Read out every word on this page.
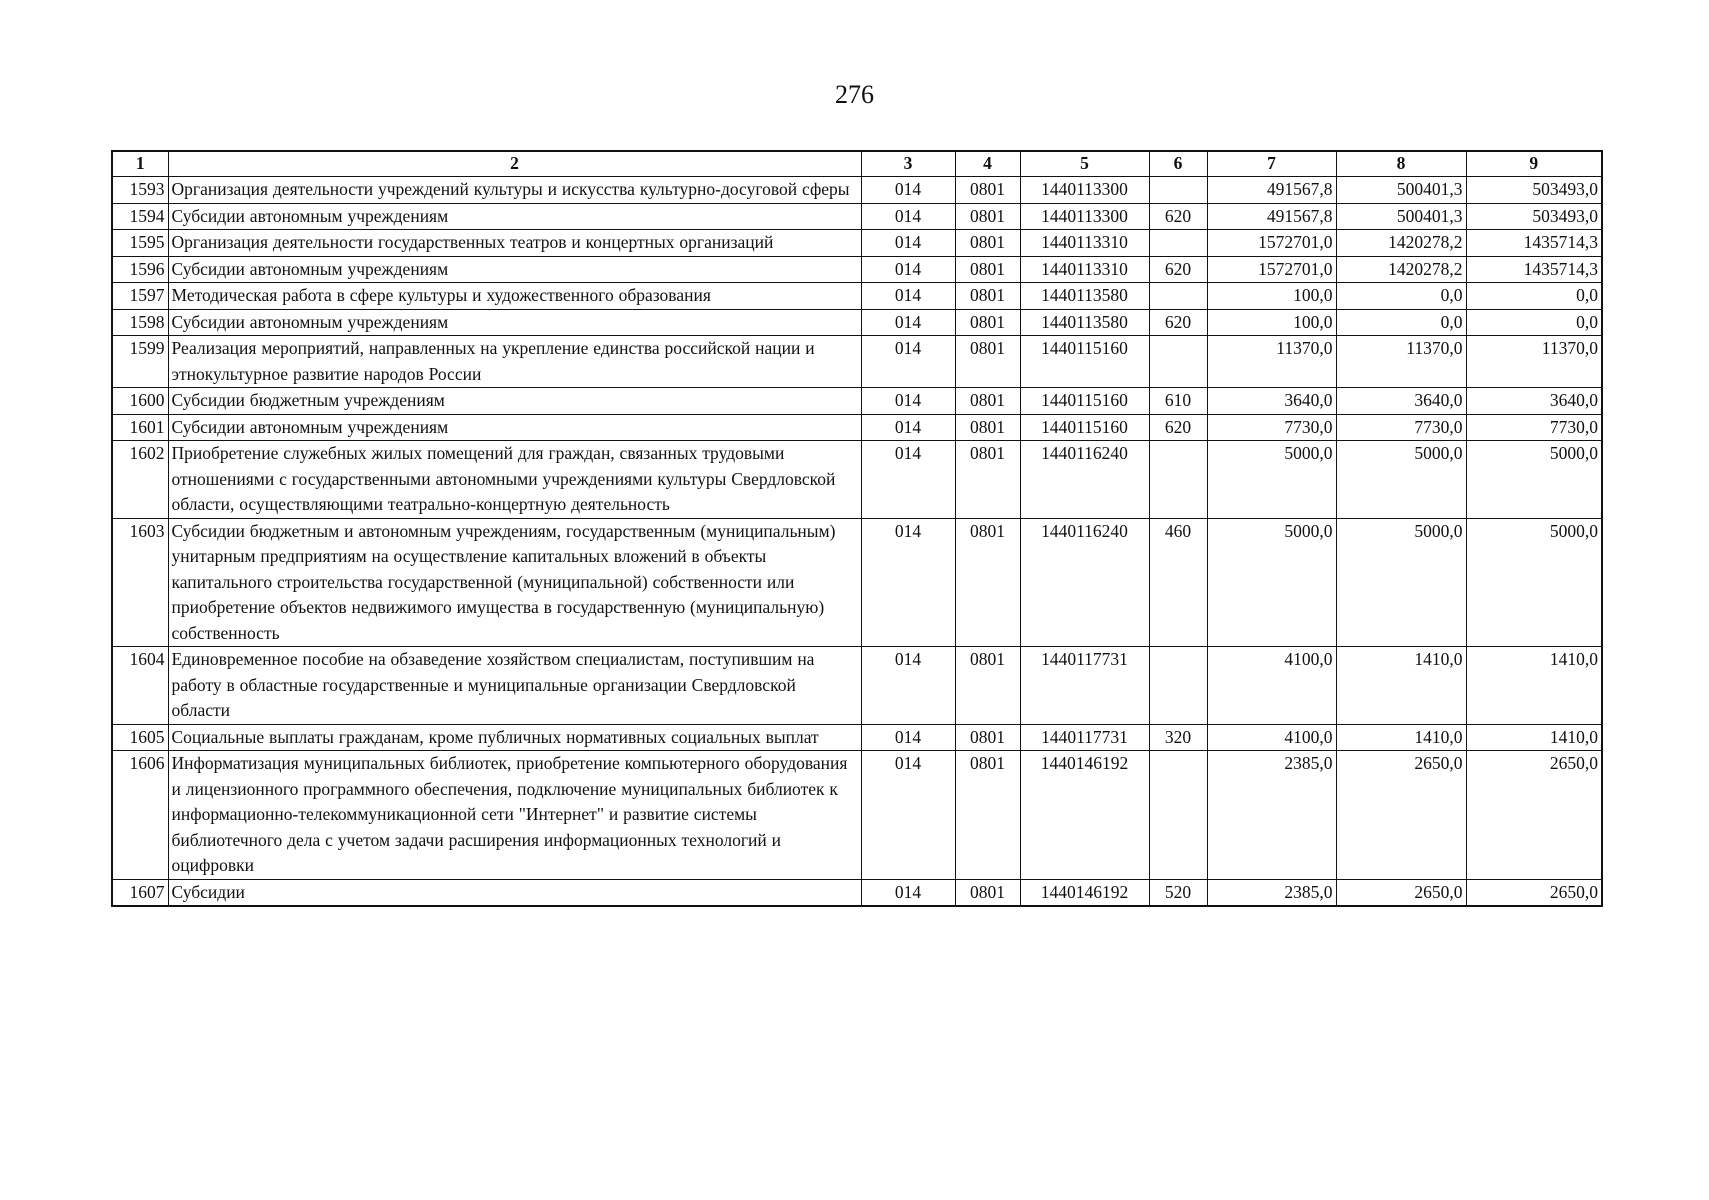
276
1	2	3	4	5	6	7	8	9
1593	Организация деятельности учреждений культуры и искусства культурно-досуговой сферы	014	0801	1440113300		491567,8	500401,3	503493,0
1594	Субсидии автономным учреждениям	014	0801	1440113300	620	491567,8	500401,3	503493,0
1595	Организация деятельности государственных театров и концертных организаций	014	0801	1440113310		1572701,0	1420278,2	1435714,3
1596	Субсидии автономным учреждениям	014	0801	1440113310	620	1572701,0	1420278,2	1435714,3
1597	Методическая работа в сфере культуры и художественного образования	014	0801	1440113580		100,0	0,0	0,0
1598	Субсидии автономным учреждениям	014	0801	1440113580	620	100,0	0,0	0,0
1599	Реализация мероприятий, направленных на укрепление единства российской нации и этнокультурное развитие народов России	014	0801	1440115160		11370,0	11370,0	11370,0
1600	Субсидии бюджетным учреждениям	014	0801	1440115160	610	3640,0	3640,0	3640,0
1601	Субсидии автономным учреждениям	014	0801	1440115160	620	7730,0	7730,0	7730,0
1602	Приобретение служебных жилых помещений для граждан, связанных трудовыми отношениями с государственными автономными учреждениями культуры Свердловской области, осуществляющими театрально-концертную деятельность	014	0801	1440116240		5000,0	5000,0	5000,0
1603	Субсидии бюджетным и автономным учреждениям, государственным (муниципальным) унитарным предприятиям на осуществление капитальных вложений в объекты капитального строительства государственной (муниципальной) собственности или приобретение объектов недвижимого имущества в государственную (муниципальную) собственность	014	0801	1440116240	460	5000,0	5000,0	5000,0
1604	Единовременное пособие на обзаведение хозяйством специалистам, поступившим на работу в областные государственные и муниципальные организации Свердловской области	014	0801	1440117731		4100,0	1410,0	1410,0
1605	Социальные выплаты гражданам, кроме публичных нормативных социальных выплат	014	0801	1440117731	320	4100,0	1410,0	1410,0
1606	Информатизация муниципальных библиотек, приобретение компьютерного оборудования и лицензионного программного обеспечения, подключение муниципальных библиотек к информационно-телекоммуникационной сети "Интернет" и развитие системы библиотечного дела с учетом задачи расширения информационных технологий и оцифровки	014	0801	1440146192		2385,0	2650,0	2650,0
1607	Субсидии	014	0801	1440146192	520	2385,0	2650,0	2650,0
